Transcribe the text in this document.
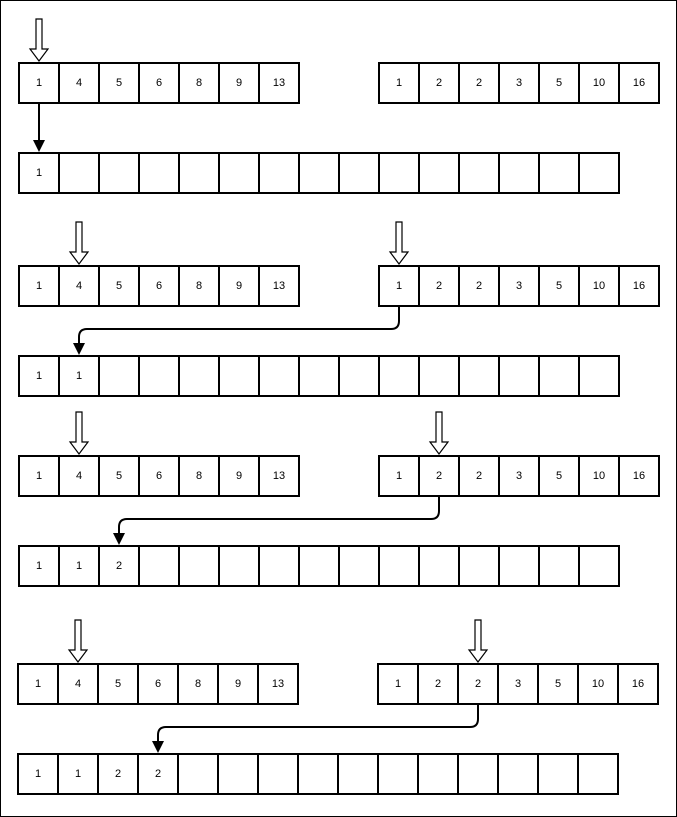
1	4	5	6	8	9	13	1	2	2	3	5	10	16
1
1	4	5	6	8	9	13	1	2	2	3	5	10	16
1	1
1	4	5	6	8	9	13	1	2	2	3	5	10	16
1	1	2
1	4	5	6	8	9	13	1	2	2	3	5	10	16
1	1	2	2
